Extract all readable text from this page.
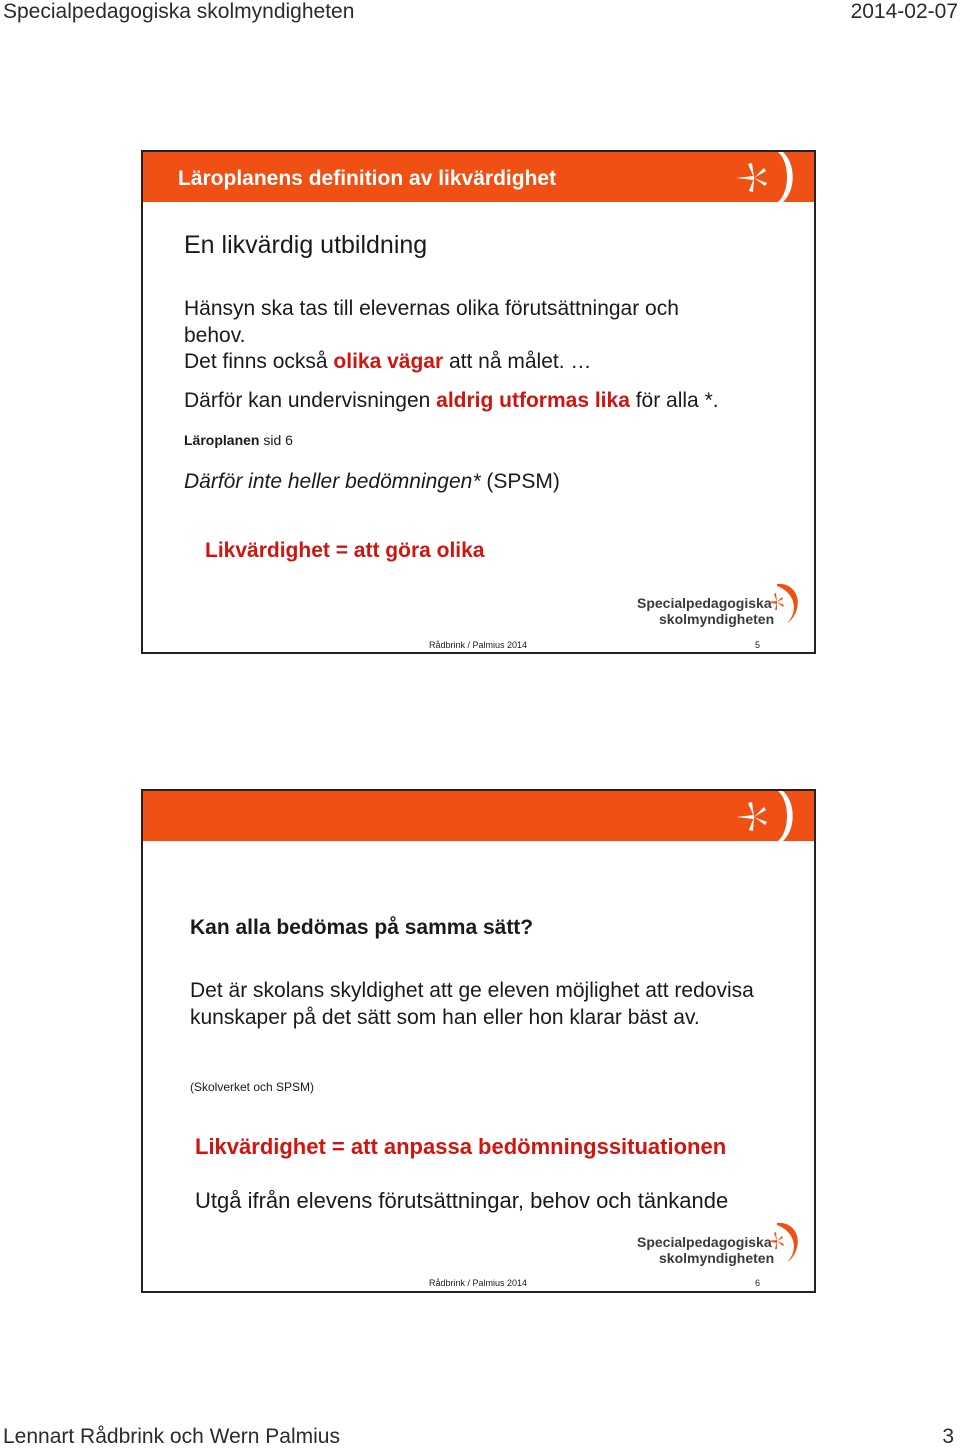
Specialpedagogiska skolmyndigheten	2014-02-07
Läroplanens definition av likvärdighet
En likvärdig utbildning
Hänsyn ska tas till elevernas olika förutsättningar och
behov.
Det finns också olika vägar att nå målet. …
Därför kan undervisningen aldrig utformas lika för alla *.
Läroplanen sid 6
Därför inte heller bedömningen* (SPSM)
Likvärdighet = att göra olika
Specialpedagogiska
skolmyndigheten
Rådbrink / Palmius 2014	5
Kan alla bedömas på samma sätt?
Det är skolans skyldighet att ge eleven möjlighet att redovisa kunskaper på det sätt som han eller hon klarar bäst av.
(Skolverket och SPSM)
Likvärdighet = att anpassa bedömningssituationen
Utgå ifrån elevens förutsättningar, behov och tänkande
Specialpedagogiska
skolmyndigheten
Rådbrink / Palmius 2014	6
Lennart Rådbrink och Wern Palmius	3
